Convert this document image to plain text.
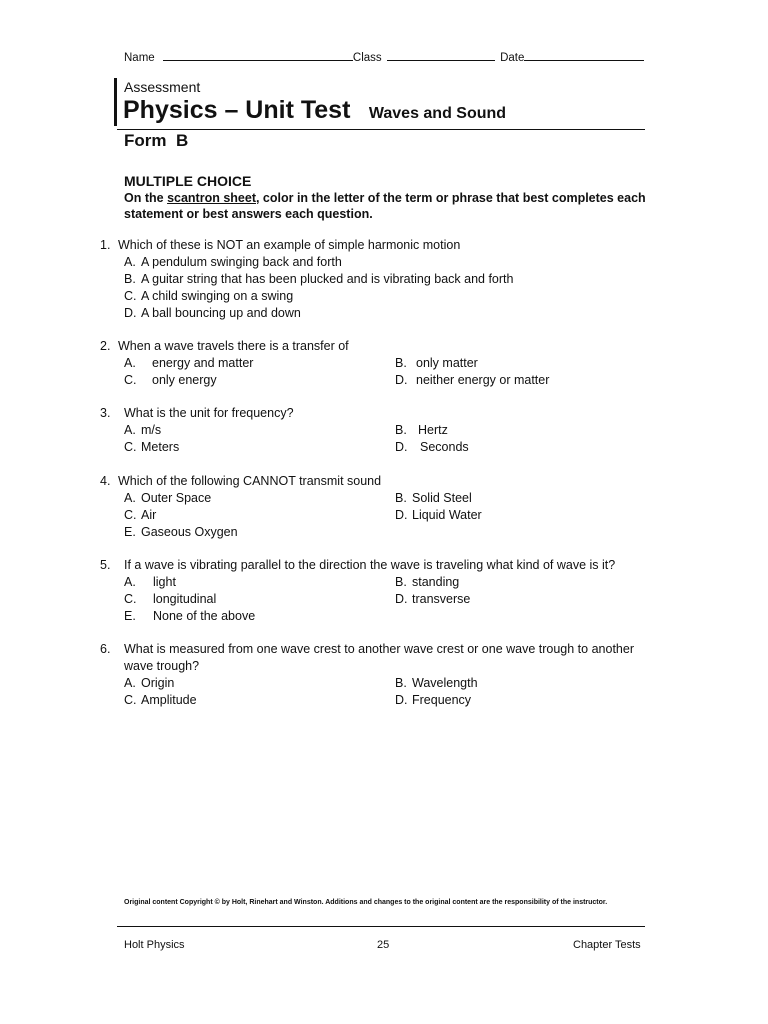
Name	Class	Date
Assessment
Physics – Unit Test Waves and Sound
Form  B
MULTIPLE CHOICE
On the scantron sheet, color in the letter of the term or phrase that best completes each statement or best answers each question.
1. Which of these is NOT an example of simple harmonic motion
A. A pendulum swinging back and forth
B. A guitar string that has been plucked and is vibrating back and forth
C. A child swinging on a swing
D. A ball bouncing up and down
2. When a wave travels there is a transfer of
A.	energy and matter	B. only matter
C.	only energy	D. neither energy or matter
3.	What is the unit for frequency?
A. m/s	B. Hertz
C. Meters	D.	Seconds
4. Which of the following CANNOT transmit sound
A. Outer Space	B. Solid Steel
C. Air	D. Liquid Water
E. Gaseous Oxygen
5.	If a wave is vibrating parallel to the direction the wave is traveling what kind of wave is it?
A.	light	B. standing
C.	longitudinal	D. transverse
E.	None of the above
6.	What is measured from one wave crest to another wave crest or one wave trough to another wave trough?
A. Origin	B. Wavelength
C. Amplitude	D. Frequency
Original content Copyright © by Holt, Rinehart and Winston. Additions and changes to the original content are the responsibility of the instructor.
Holt Physics	25	Chapter Tests
